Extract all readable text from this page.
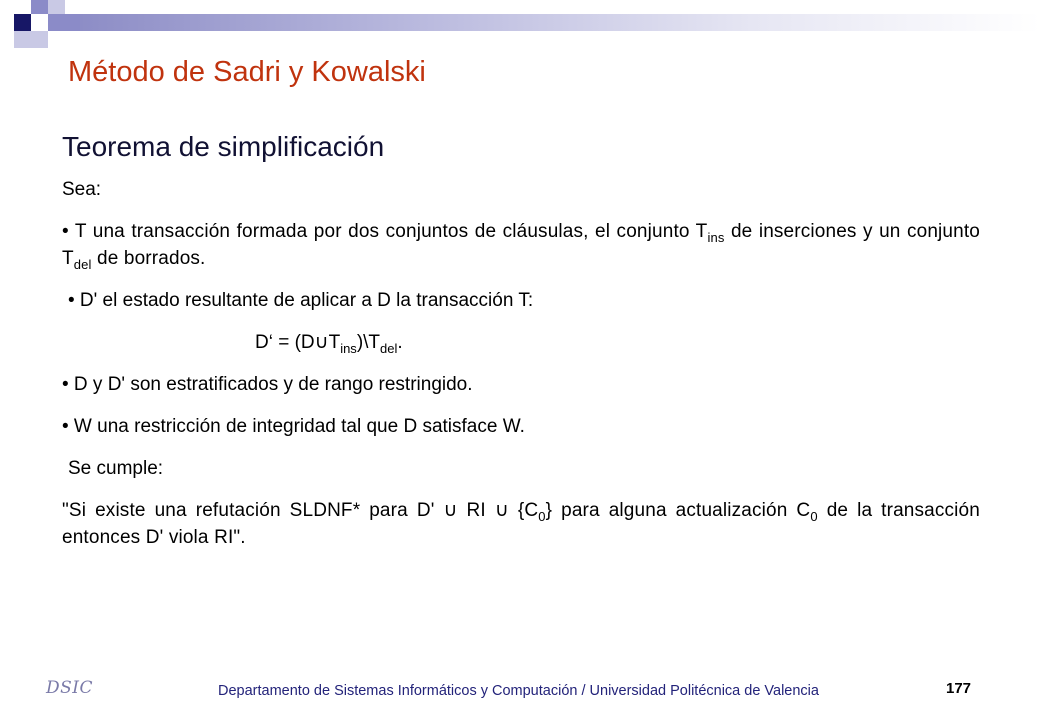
Método de Sadri y Kowalski
Teorema de simplificación

Sea:

• T una transacción formada por dos conjuntos de cláusulas, el conjunto $T_{ins}$ de inserciones y un conjunto $T_{del}$ de borrados.

• D' el estado resultante de aplicar a D la transacción T:

D‘ = $(D\cup T_{ins})\backslash T_{del}$.

• D y D' son estratificados y de rango restringido.

• W una restricción de integridad tal que D satisface W.

Se cumple:

"Si existe una refutación SLDNF* para D' ∪ RI ∪ $\{C_0\}$ para alguna actualización $C_0$ de la transacción entonces D' viola RI".

DSIC	Departamento de Sistemas Informáticos y Computación / Universidad Politécnica de Valencia	177
